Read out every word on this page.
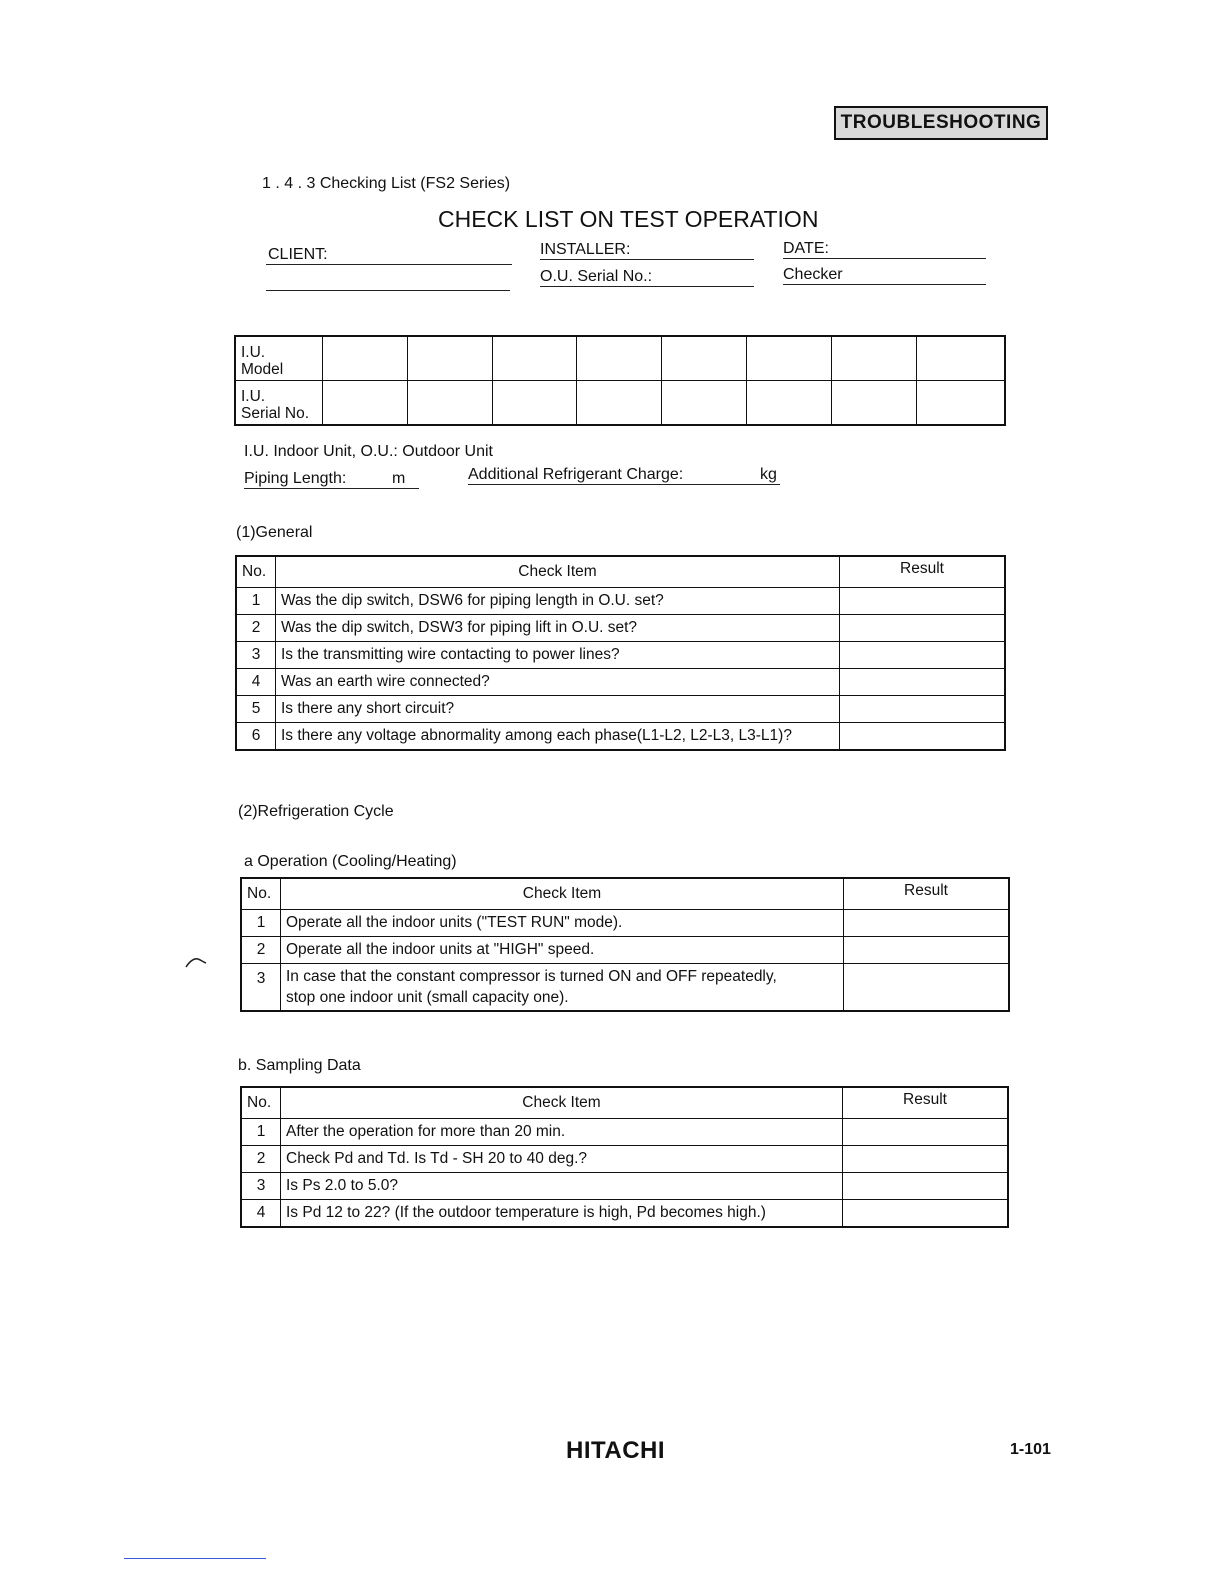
TROUBLESHOOTING
1 . 4 . 3 Checking List (FS2 Series)
CHECK LIST ON TEST OPERATION
CLIENT:	INSTALLER:
O.U. Serial No.:
DATE:
Checker
I.U.
Model								
I.U.
Serial No.								
I.U. Indoor Unit, O.U.: Outdoor Unit
Piping Length:	m	Additional Refrigerant Charge:	kg
(1)General
No.	Check Item	Result
1	Was the dip switch, DSW6 for piping length in O.U. set?	
2	Was the dip switch, DSW3 for piping lift in O.U. set?	
3	Is the transmitting wire contacting to power lines?	
4	Was an earth wire connected?	
5	Is there any short circuit?	
6	Is there any voltage abnormality among each phase(L1-L2, L2-L3, L3-L1)?	
(2)Refrigeration Cycle
a Operation (Cooling/Heating)
No.	Check Item	Result
1	Operate all the indoor units ("TEST RUN" mode).	
2	Operate all the indoor units at "HIGH" speed.	
3	In case that the constant compressor is turned ON and OFF repeatedly,
stop one indoor unit (small capacity one).	
b. Sampling Data
No.	Check Item	Result
1	After the operation for more than 20 min.	
2	Check Pd and Td. Is Td - SH 20 to 40 deg.?	
3	Is Ps 2.0 to 5.0?	
4	Is Pd 12 to 22? (If the outdoor temperature is high, Pd becomes high.)	
HITACHI	1-101
